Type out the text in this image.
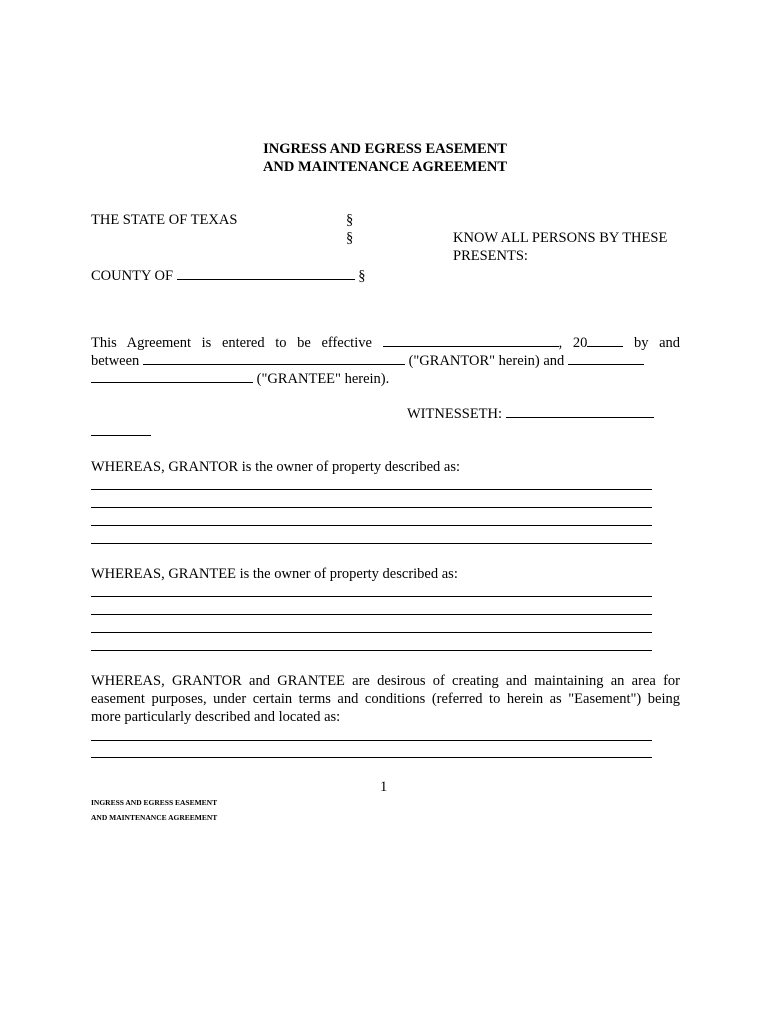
INGRESS AND EGRESS EASEMENT
AND MAINTENANCE AGREEMENT
THE STATE OF TEXAS	§
§	KNOW ALL PERSONS BY THESE
PRESENTS:
COUNTY OF	§
This Agreement is entered to be effective	, 20	by and
between	("GRANTOR" herein) and
("GRANTEE" herein).
WITNESSETH:
WHEREAS, GRANTOR is the owner of property described as:
WHEREAS, GRANTEE is the owner of property described as:
WHEREAS, GRANTOR and GRANTEE are desirous of creating and maintaining an area for
easement purposes, under certain terms and conditions (referred to herein as "Easement") being
more particularly described and located as:
1
INGRESS AND EGRESS EASEMENT
AND MAINTENANCE AGREEMENT
